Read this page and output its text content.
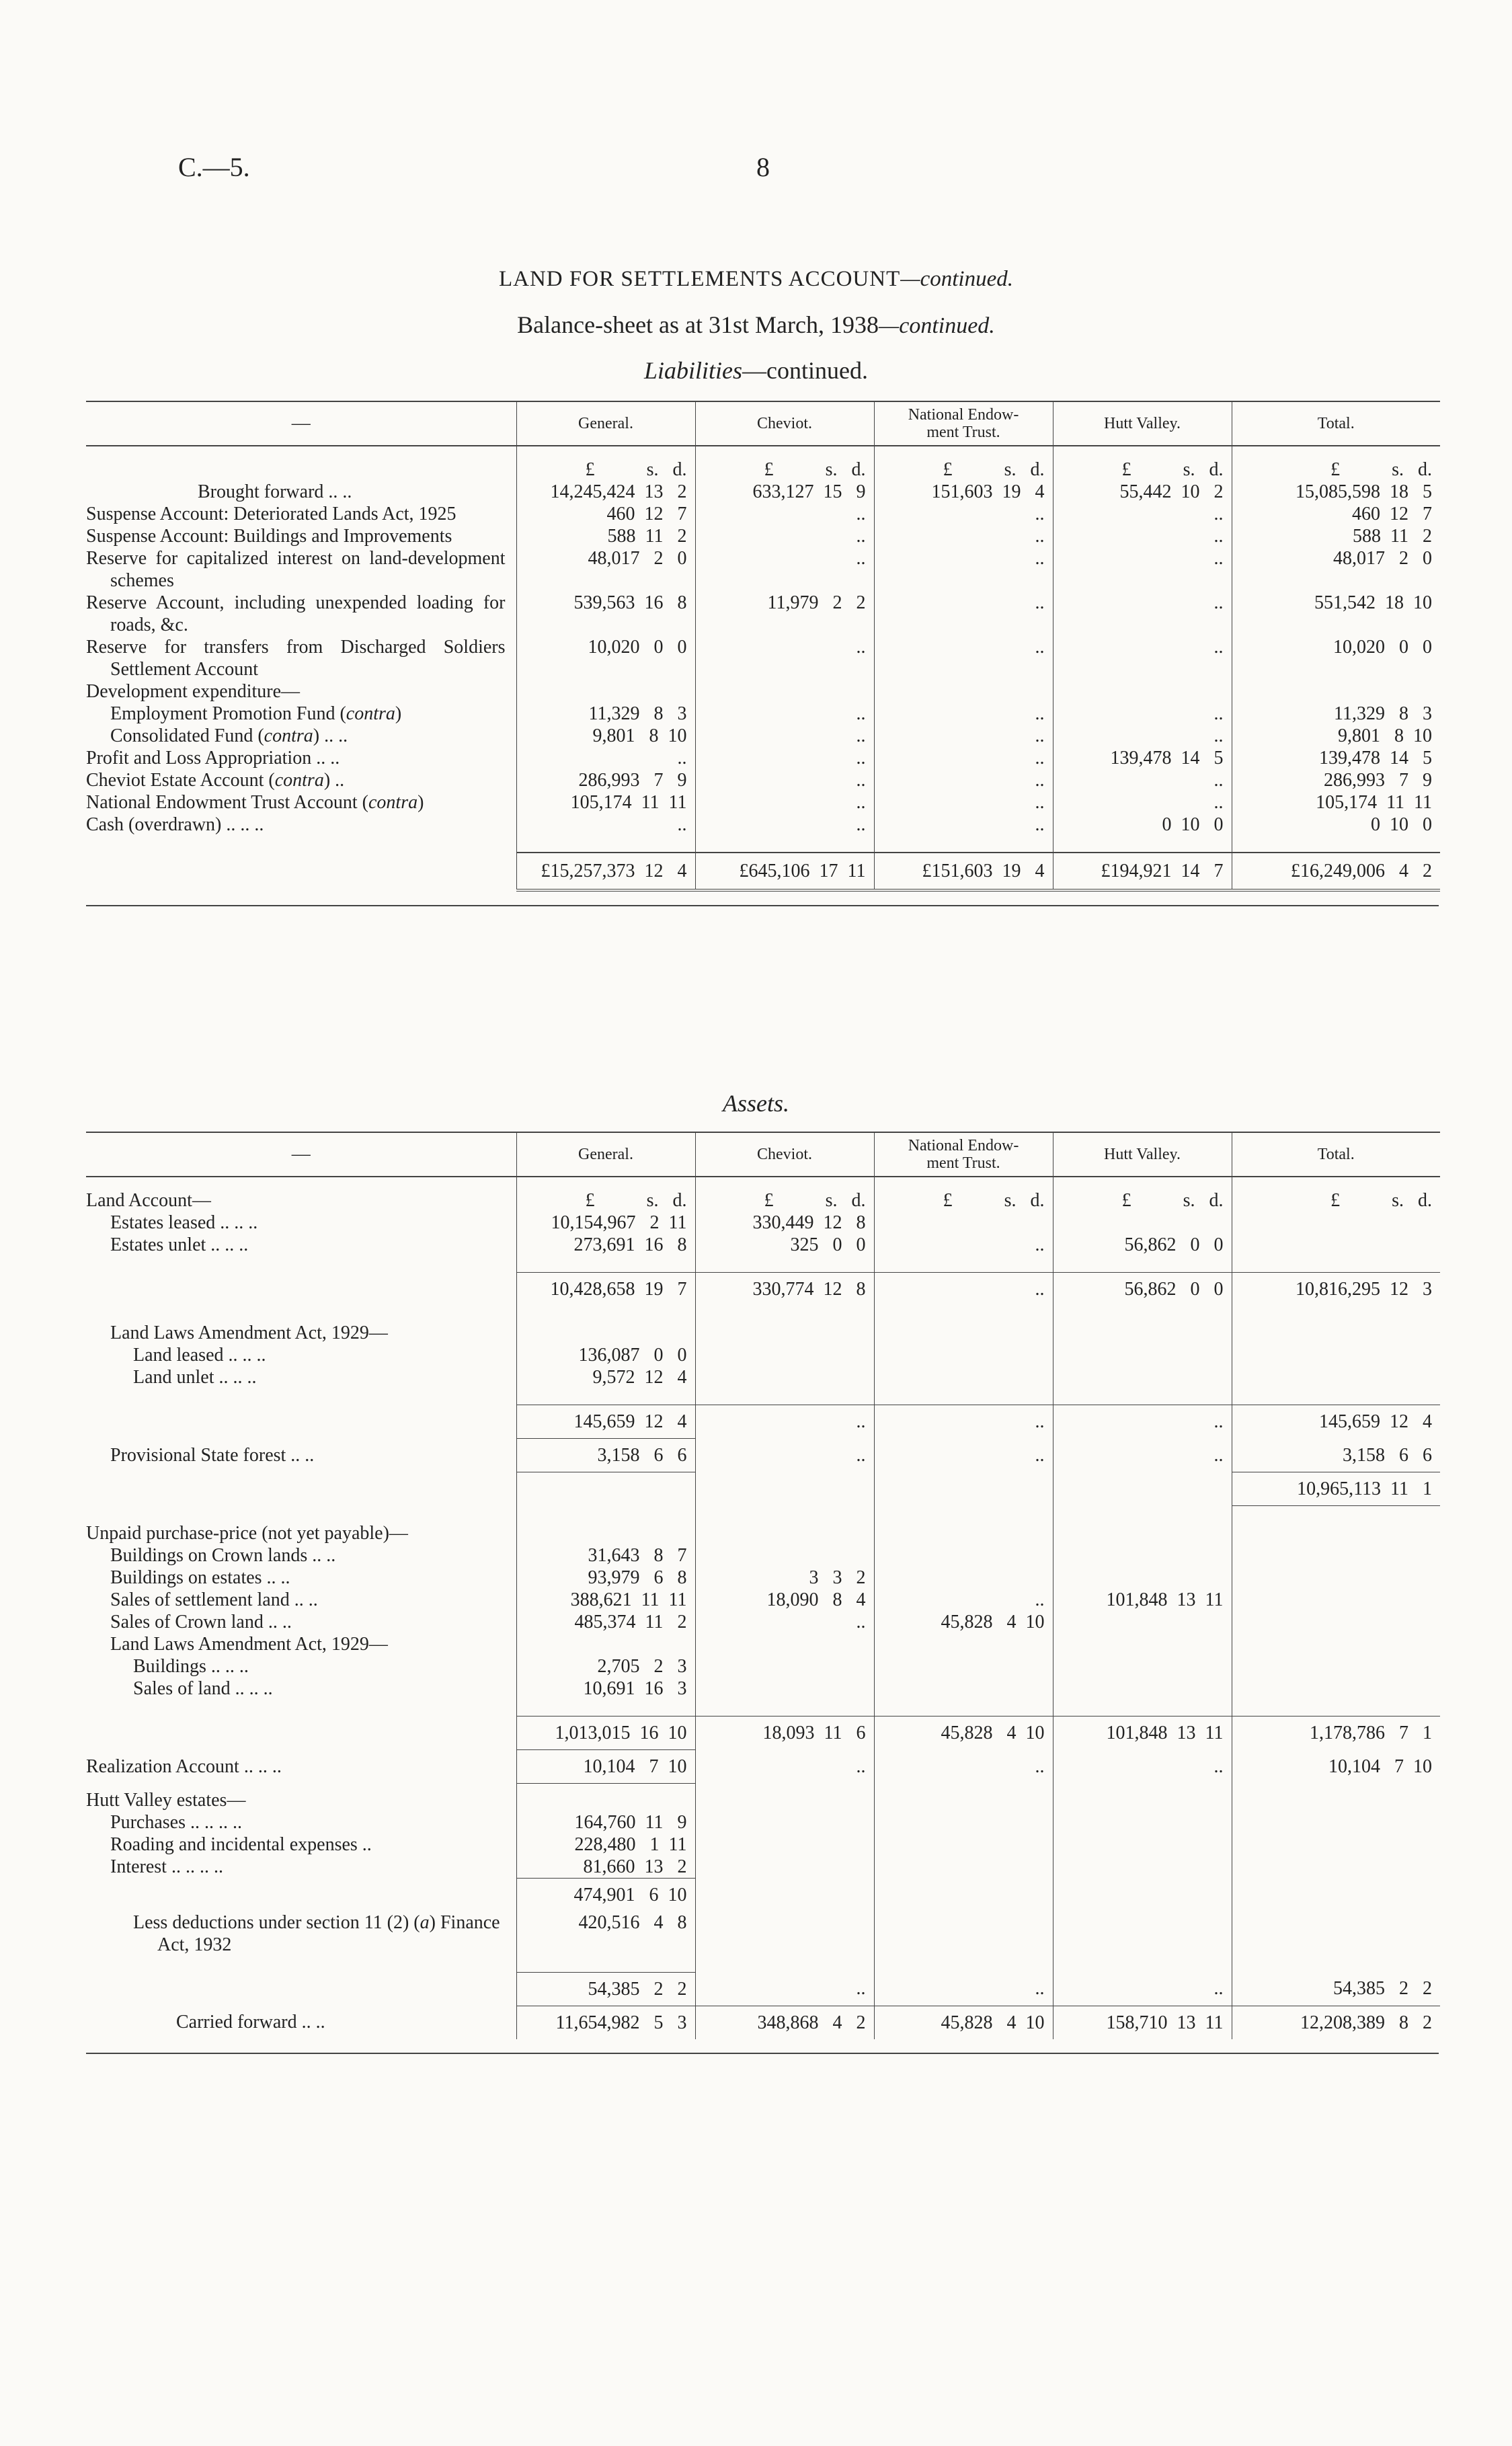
C.—5.	8
LAND FOR SETTLEMENTS ACCOUNT—continued.
Balance-sheet as at 31st March, 1938—continued.
Liabilities—continued.
—	General.	Cheviot.	National Endow-
ment Trust.	Hutt Valley.	Total.
	£           s.   d.	£           s.   d.	£           s.   d.	£           s.   d.	£           s.   d.

Brought forward .. ..	14,245,424  13   2	633,127  15   9	151,603  19   4	55,442  10   2	15,085,598  18   5

Suspense Account: Deteriorated Lands Act, 1925	460  12   7	..	..	..	460  12   7

Suspense Account: Buildings and Improvements	588  11   2	..	..	..	588  11   2

Reserve for capitalized interest on land-development schemes	48,017   2   0	..	..	..	48,017   2   0

Reserve Account, including unexpended loading for roads, &c.	539,563  16   8	11,979   2   2	..	..	551,542  18  10

Reserve for transfers from Discharged Soldiers Settlement Account	10,020   0   0	..	..	..	10,020   0   0

Development expenditure—					

Employment Promotion Fund (contra)	11,329   8   3	..	..	..	11,329   8   3

Consolidated Fund (contra) .. ..	9,801   8  10	..	..	..	9,801   8  10

Profit and Loss Appropriation .. ..	..	..	..	139,478  14   5	139,478  14   5

Cheviot Estate Account (contra) ..	286,993   7   9	..	..	..	286,993   7   9

National Endowment Trust Account (contra)	105,174  11  11	..	..	..	105,174  11  11

Cash (overdrawn) .. .. ..	..	..	..	0  10   0	0  10   0

	£15,257,373  12   4	£645,106  17  11	£151,603  19   4	£194,921  14   7	£16,249,006   4   2
Assets.
—	General.	Cheviot.	National Endow-
ment Trust.	Hutt Valley.	Total.

Land Account—	£           s.   d.	£           s.   d.	£           s.   d.	£           s.   d.	£           s.   d.

Estates leased .. .. ..	10,154,967   2  11	330,449  12   8			

Estates unlet .. .. ..	273,691  16   8	325   0   0	..	56,862   0   0	

	10,428,658  19   7	330,774  12   8	..	56,862   0   0	10,816,295  12   3

Land Laws Amendment Act, 1929—					

Land leased .. .. ..	136,087   0   0				

Land unlet .. .. ..	9,572  12   4				

	145,659  12   4	..	..	..	145,659  12   4

Provisional State forest .. ..	3,158   6   6	..	..	..	3,158   6   6
					10,965,113  11   1

Unpaid purchase-price (not yet payable)—					

Buildings on Crown lands .. ..	31,643   8   7				

Buildings on estates .. ..	93,979   6   8	3   3   2			

Sales of settlement land .. ..	388,621  11  11	18,090   8   4	..	101,848  13  11	

Sales of Crown land .. ..	485,374  11   2	..	45,828   4  10		

Land Laws Amendment Act, 1929—					

Buildings .. .. ..	2,705   2   3				

Sales of land .. .. ..	10,691  16   3				

	1,013,015  16  10	18,093  11   6	45,828   4  10	101,848  13  11	1,178,786   7   1

Realization Account .. .. ..	10,104   7  10	..	..	..	10,104   7  10

Hutt Valley estates—					

Purchases .. .. .. ..	164,760  11   9				

Roading and incidental expenses ..	228,480   1  11				

Interest .. .. .. ..	81,660  13   2				
	474,901   6  10				

Less deductions under section 11 (2) (a) Finance Act, 1932	420,516   4   8				

	54,385   2   2	..	..	..	54,385   2   2

Carried forward .. ..	11,654,982   5   3	348,868   4   2	45,828   4  10	158,710  13  11	12,208,389   8   2
